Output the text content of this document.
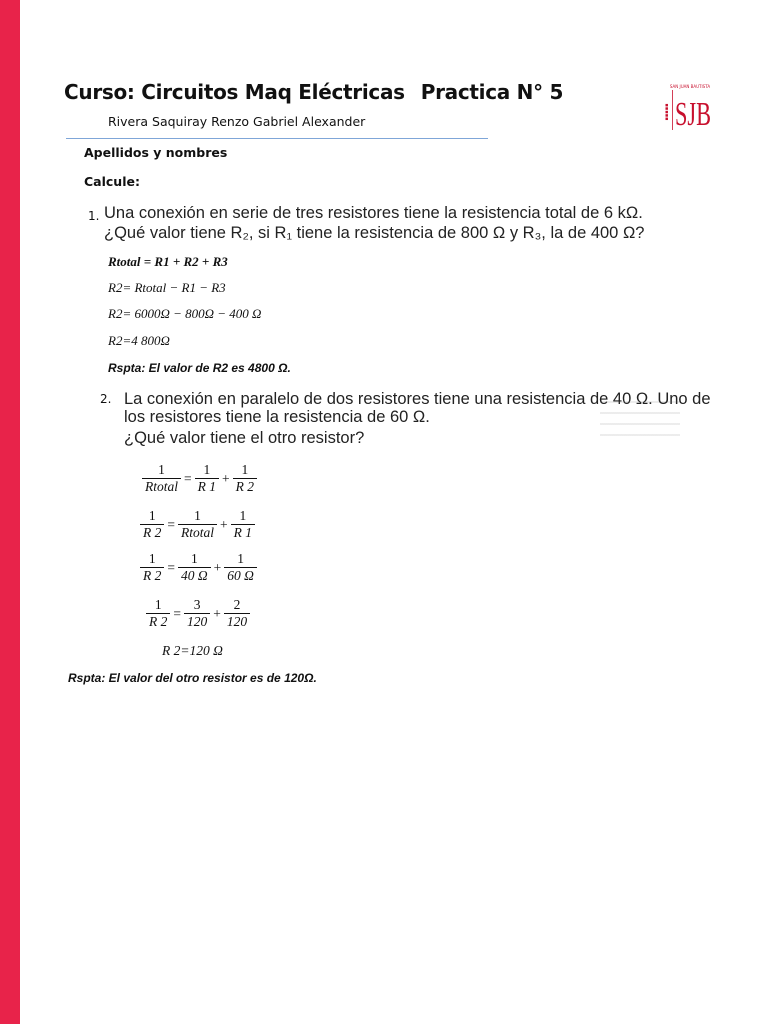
Curso: Circuitos Maq Eléctricas Practica N° 5	SAN JUAN BAUTISTA
▪▪▪▪▪ SJB
Rivera Saquiray Renzo Gabriel Alexander
Apellidos y nombres
Calcule:
1. Una conexión en serie de tres resistores tiene la resistencia total de 6 kΩ.
¿Qué valor tiene R₂, si R₁ tiene la resistencia de 800 Ω y R₃, la de 400 Ω?
Rtotal = R1 + R2 + R3
R2= Rtotal − R1 − R3
R2= 6000Ω − 800Ω − 400 Ω
R2=4 800Ω
Rspta: El valor de R2 es 4800 Ω.
2. La conexión en paralelo de dos resistores tiene una resistencia de 40 Ω. Uno de
los resistores tiene la resistencia de 60 Ω.
¿Qué valor tiene el otro resistor?
$\frac{1}{\text{Rtotal}} = \frac{1}{R 1} + \frac{1}{R 2}$
$\frac{1}{R 2} = \frac{1}{\text{Rtotal}} + \frac{1}{R 1}$
$\frac{1}{R 2} = \frac{1}{40 \Omega} + \frac{1}{60 \Omega}$
$\frac{1}{R 2} = \frac{3}{120} + \frac{2}{120}$
R 2=120 Ω
Rspta: El valor del otro resistor es de 120Ω.
